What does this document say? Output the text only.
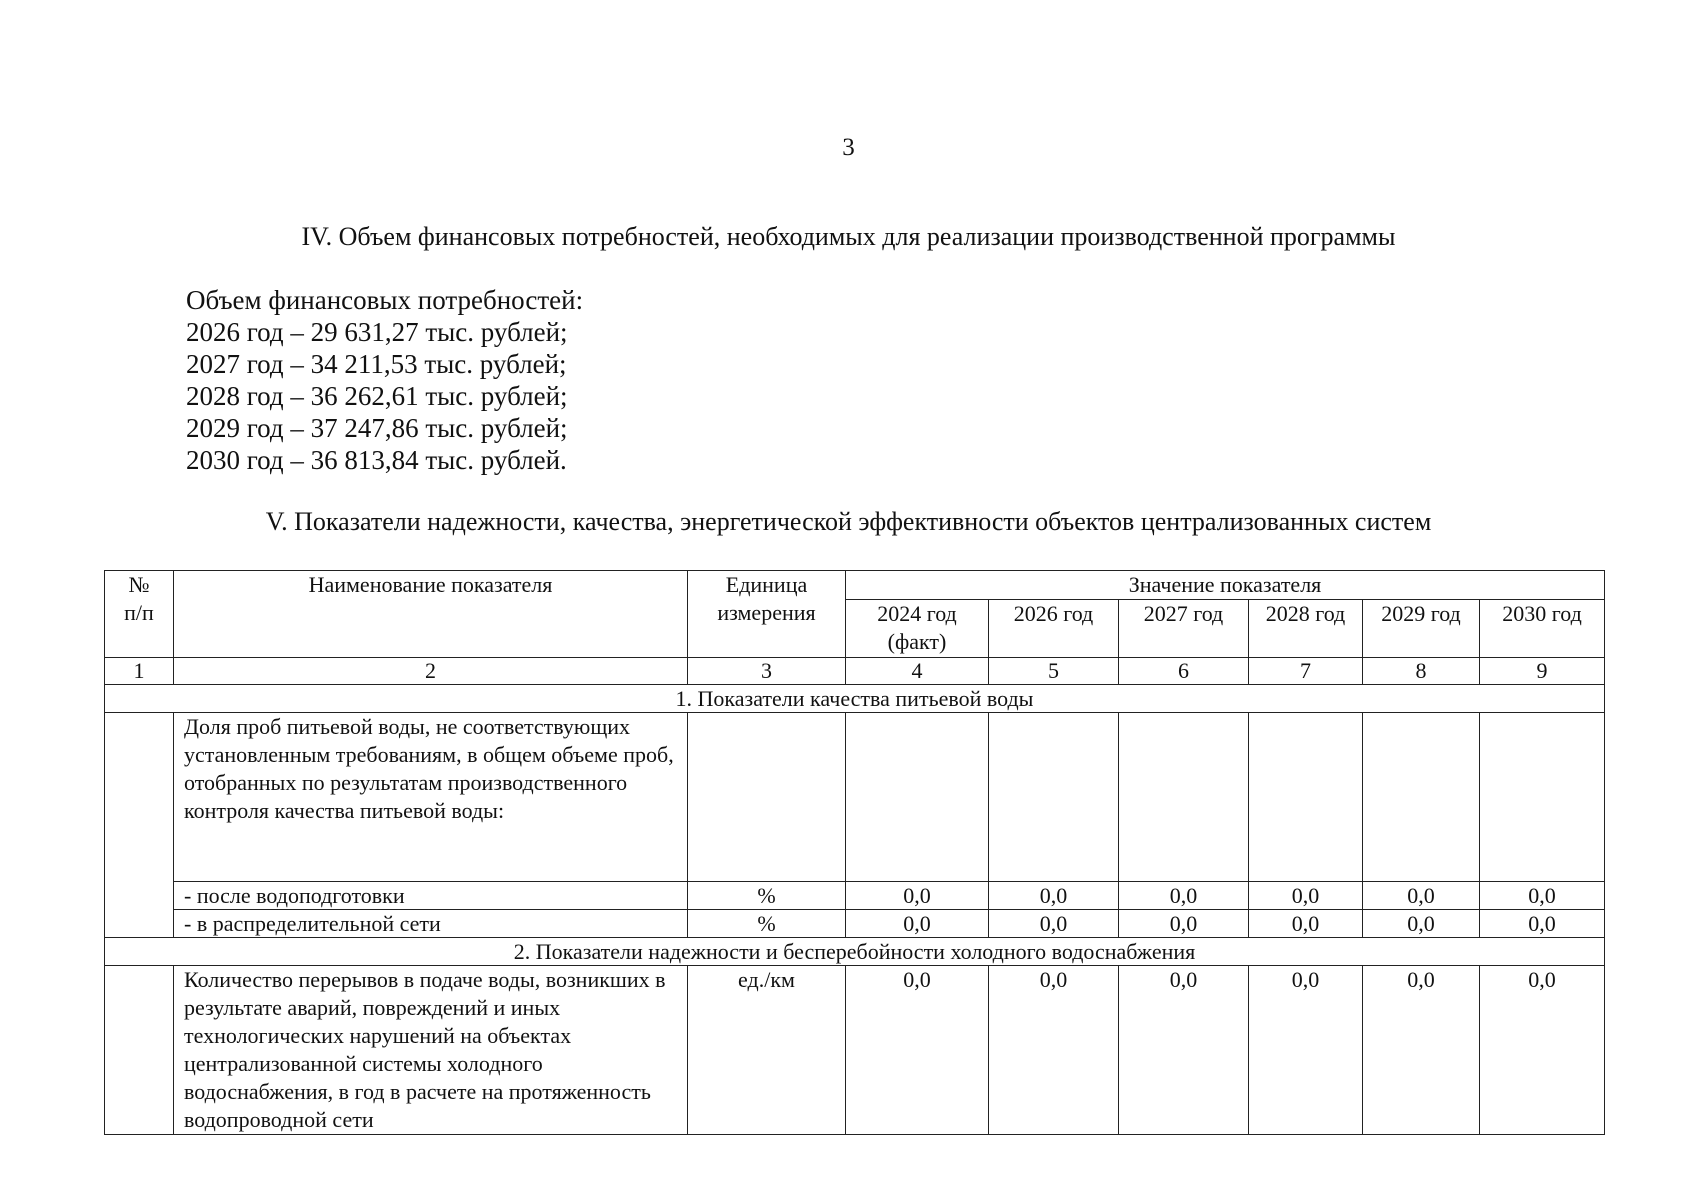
3
IV. Объем финансовых потребностей, необходимых для реализации производственной программы
Объем финансовых потребностей:
2026 год – 29 631,27 тыс. рублей;
2027 год – 34 211,53 тыс. рублей;
2028 год – 36 262,61 тыс. рублей;
2029 год – 37 247,86 тыс. рублей;
2030 год – 36 813,84 тыс. рублей.
V. Показатели надежности, качества, энергетической эффективности объектов централизованных систем
№ п/п	Наименование показателя	Единица измерения	Значение показателя					
			2024 год (факт)	2026 год	2027 год	2028 год	2029 год	2030 год
1	2	3	4	5	6	7	8	9
1. Показатели качества питьевой воды								
	Доля проб питьевой воды, не соответствующих установленным требованиям, в общем объеме проб, отобранных по результатам производственного контроля качества питьевой воды:							
	- после водоподготовки	%	0,0	0,0	0,0	0,0	0,0	0,0
	- в распределительной сети	%	0,0	0,0	0,0	0,0	0,0	0,0
2. Показатели надежности и бесперебойности холодного водоснабжения								
	Количество перерывов в подаче воды, возникших в результате аварий, повреждений и иных технологических нарушений на объектах централизованной системы холодного водоснабжения, в год в расчете на протяженность водопроводной сети	ед./км	0,0	0,0	0,0	0,0	0,0	0,0
